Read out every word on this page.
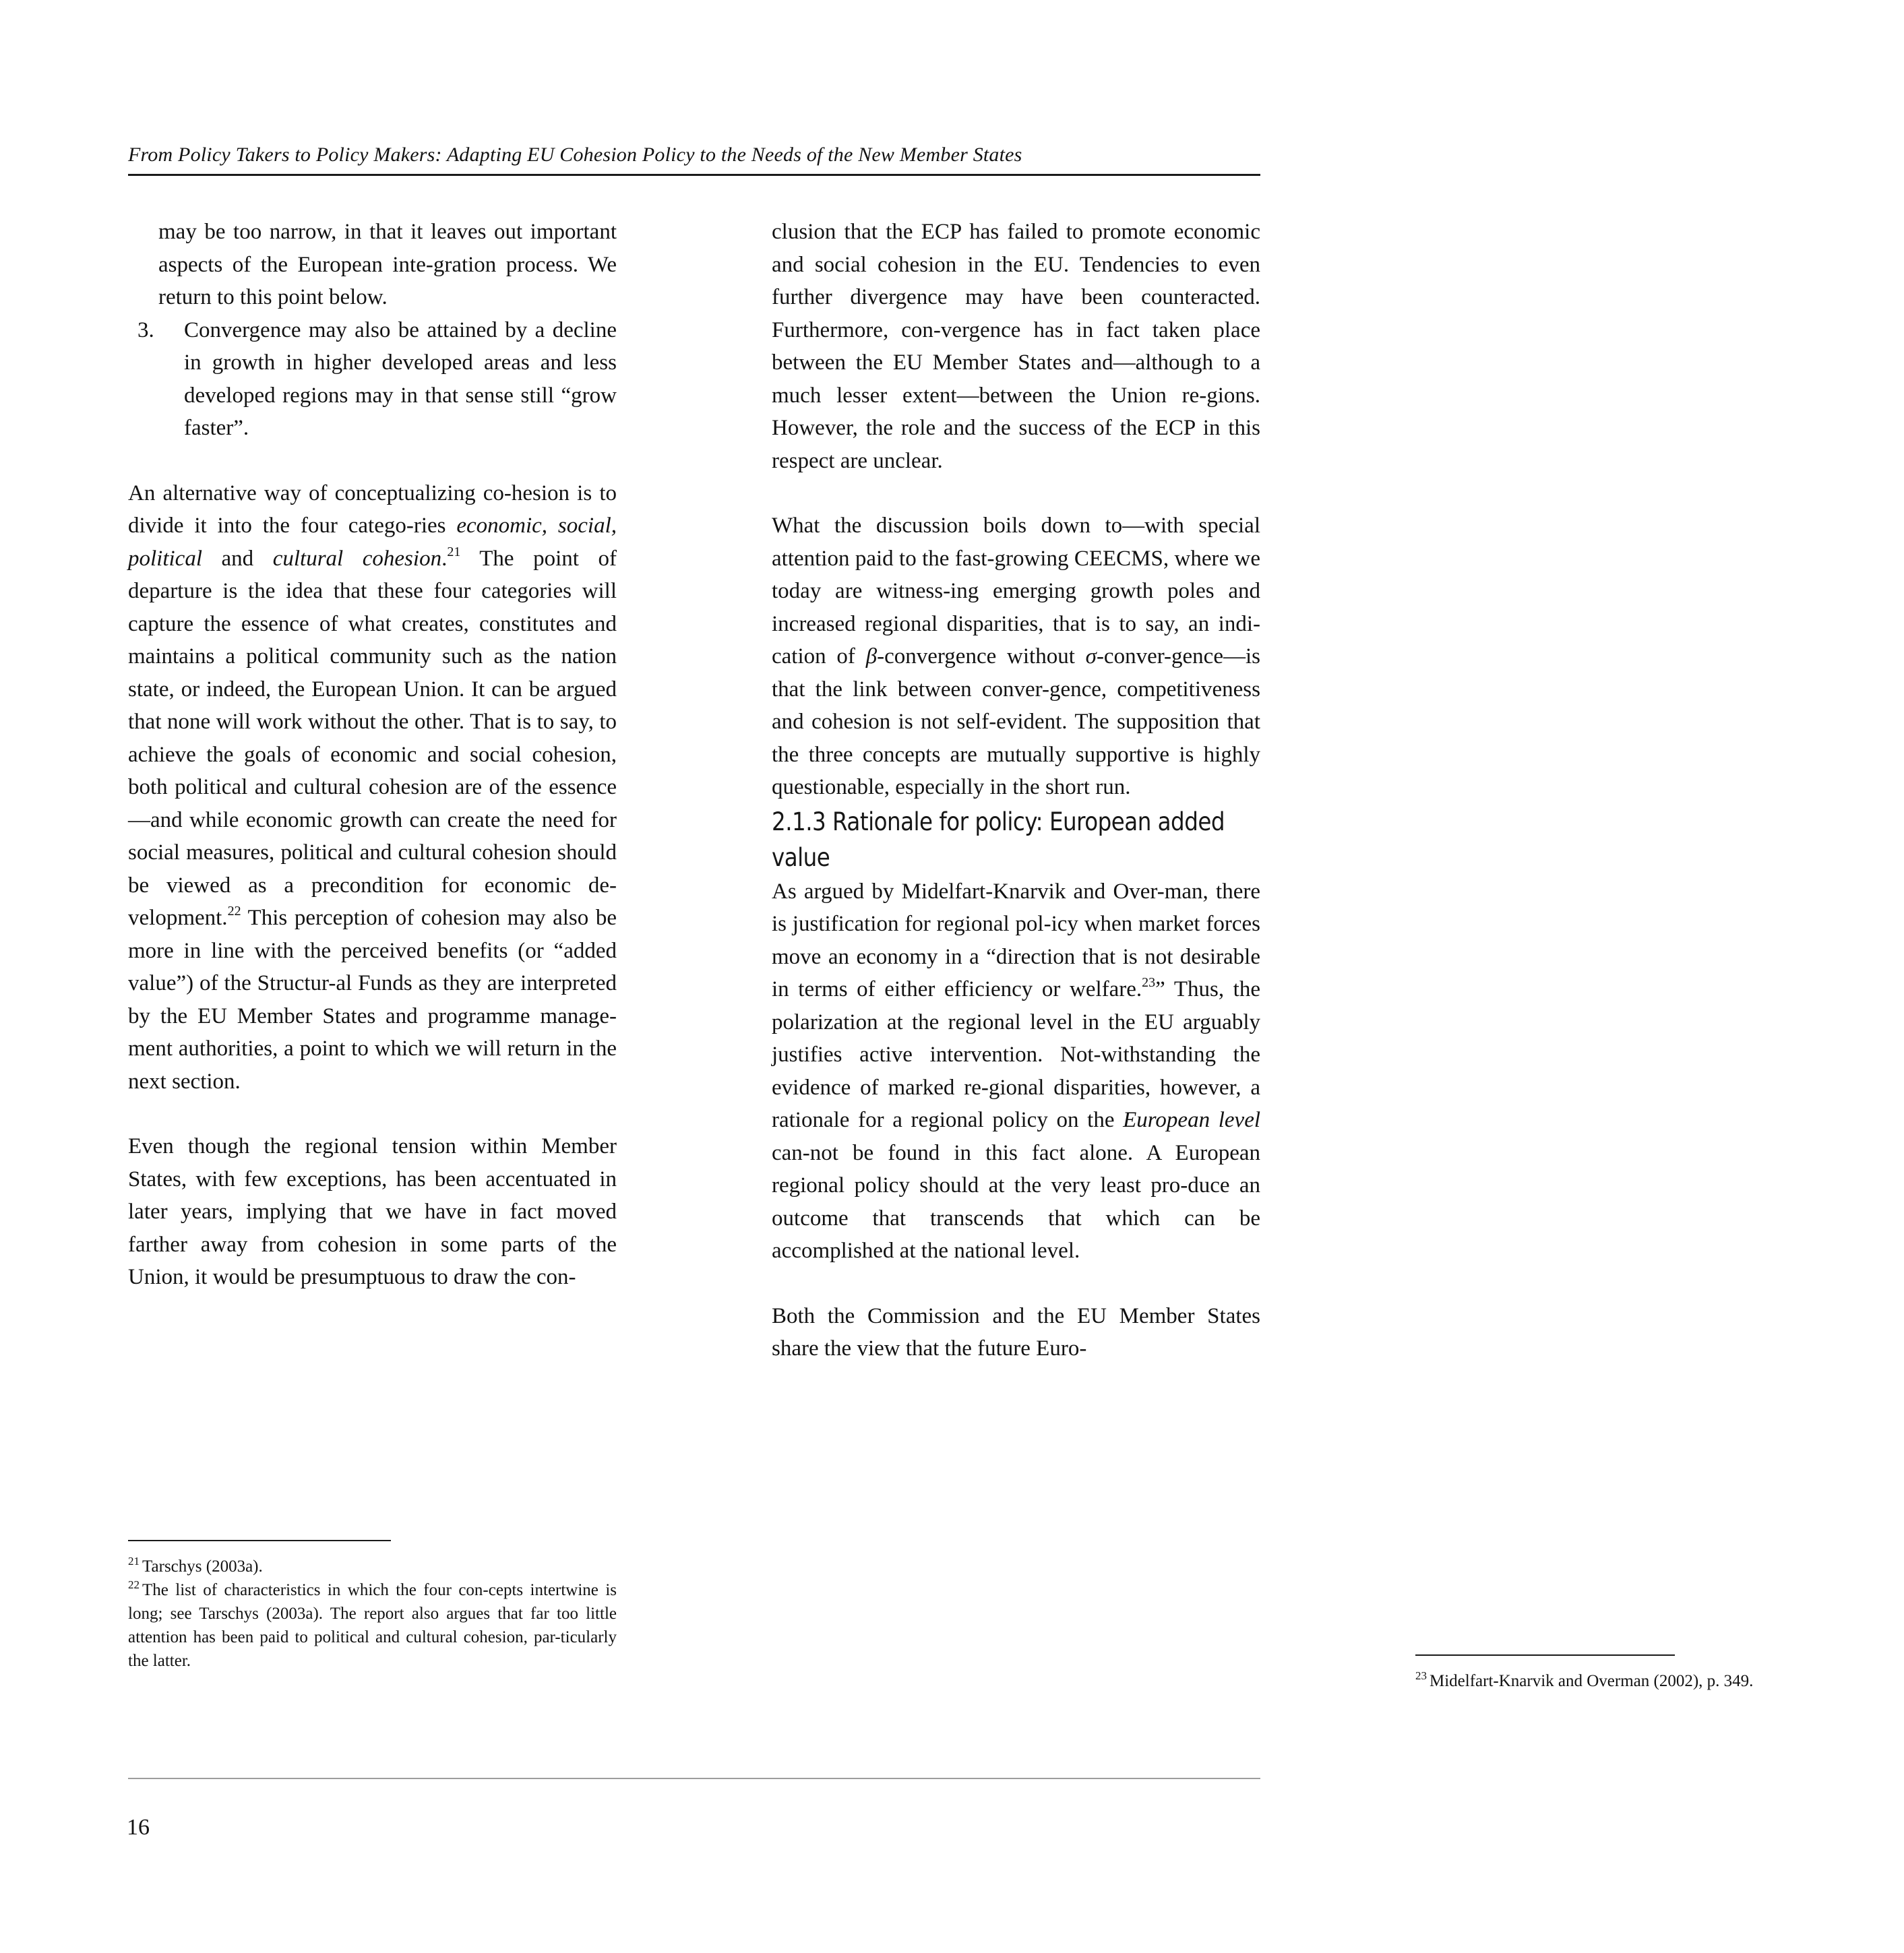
From Policy Takers to Policy Makers: Adapting EU Cohesion Policy to the Needs of the New Member States

may be too narrow, in that it leaves out important aspects of the European inte-gration process. We return to this point below.

3.	Convergence may also be attained by a decline in growth in higher developed areas and less developed regions may in that sense still “grow faster”.

An alternative way of conceptualizing co-hesion is to divide it into the four catego-ries economic, social, political and cultural cohesion.$^{21}$ The point of departure is the idea that these four categories will capture the essence of what creates, constitutes and maintains a political community such as the nation state, or indeed, the European Union. It can be argued that none will work without the other. That is to say, to achieve the goals of economic and social cohesion, both political and cultural cohesion are of the essence—and while economic growth can create the need for social measures, political and cultural cohesion should be viewed as a precondition for economic de-velopment.$^{22}$ This perception of cohesion may also be more in line with the perceived benefits (or “added value”) of the Structur-al Funds as they are interpreted by the EU Member States and programme manage-ment authorities, a point to which we will return in the next section.

Even though the regional tension within Member States, with few exceptions, has been accentuated in later years, implying that we have in fact moved farther away from cohesion in some parts of the Union, it would be presumptuous to draw the con-

$^{21}$ Tarschys (2003a).

$^{22}$ The list of characteristics in which the four con-cepts intertwine is long; see Tarschys (2003a). The report also argues that far too little attention has been paid to political and cultural cohesion, par-ticularly the latter.

clusion that the ECP has failed to promote economic and social cohesion in the EU. Tendencies to even further divergence may have been counteracted. Furthermore, con-vergence has in fact taken place between the EU Member States and—although to a much lesser extent—between the Union re-gions. However, the role and the success of the ECP in this respect are unclear.

What the discussion boils down to—with special attention paid to the fast-growing CEECMS, where we today are witness-ing emerging growth poles and increased regional disparities, that is to say, an indi-cation of β-convergence without σ-conver-gence—is that the link between conver-gence, competitiveness and cohesion is not self-evident. The supposition that the three concepts are mutually supportive is highly questionable, especially in the short run.

2.1.3 Rationale for policy: European added value

As argued by Midelfart-Knarvik and Over-man, there is justification for regional pol-icy when market forces move an economy in a “direction that is not desirable in terms of either efficiency or welfare.$^{23}$” Thus, the polarization at the regional level in the EU arguably justifies active intervention. Not-withstanding the evidence of marked re-gional disparities, however, a rationale for a regional policy on the European level can-not be found in this fact alone. A European regional policy should at the very least pro-duce an outcome that transcends that which can be accomplished at the national level.

Both the Commission and the EU Member States share the view that the future Euro-

$^{23}$ Midelfart-Knarvik and Overman (2002), p. 349.

16
